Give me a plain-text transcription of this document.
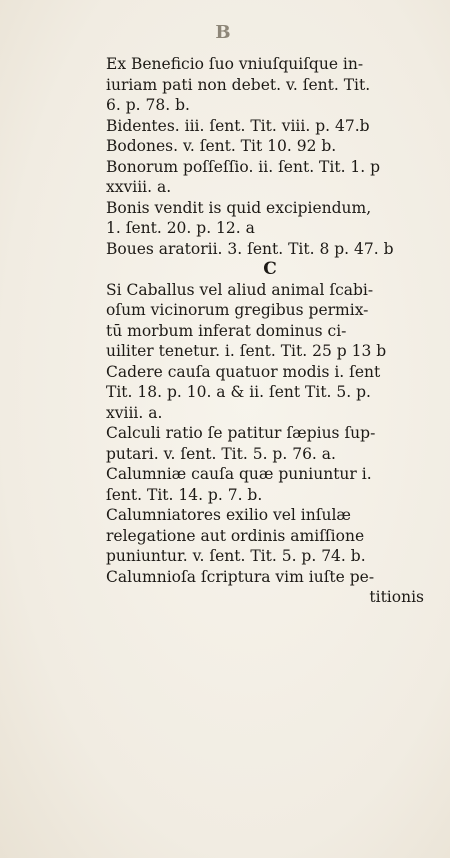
B
Ex Beneficio ſuo vniuſquiſque in-
iuriam pati non debet. v. ſent. Tit.
6. p. 78. b.
Bidentes. iii. ſent. Tit. viii. p. 47.b
Bodones. v. ſent. Tit 10. 92 b.
Bonorum poſſeſſio. ii. ſent. Tit. 1. p
xxviii. a.
Bonis vendit is quid excipiendum,
1. ſent. 20. p. 12. a
Boues aratorii. 3. ſent. Tit. 8 p. 47. b
C
Si Caballus vel aliud animal ſcabi-
oſum vicinorum gregibus permix-
tū morbum inferat dominus ci-
uiliter tenetur. i. ſent. Tit. 25 p 13 b
Cadere cauſa quatuor modis i. ſent
Tit. 18. p. 10. a & ii. ſent Tit. 5. p.
xviii. a.
Calculi ratio ſe patitur ſæpius ſup-
putari. v. ſent. Tit. 5. p. 76. a.
Calumniæ cauſa quæ puniuntur i.
ſent. Tit. 14. p. 7. b.
Calumniatores exilio vel inſulæ
relegatione aut ordinis amiſſione
puniuntur. v. ſent. Tit. 5. p. 74. b.
Calumnioſa ſcriptura vim iuſte pe-
titionis
